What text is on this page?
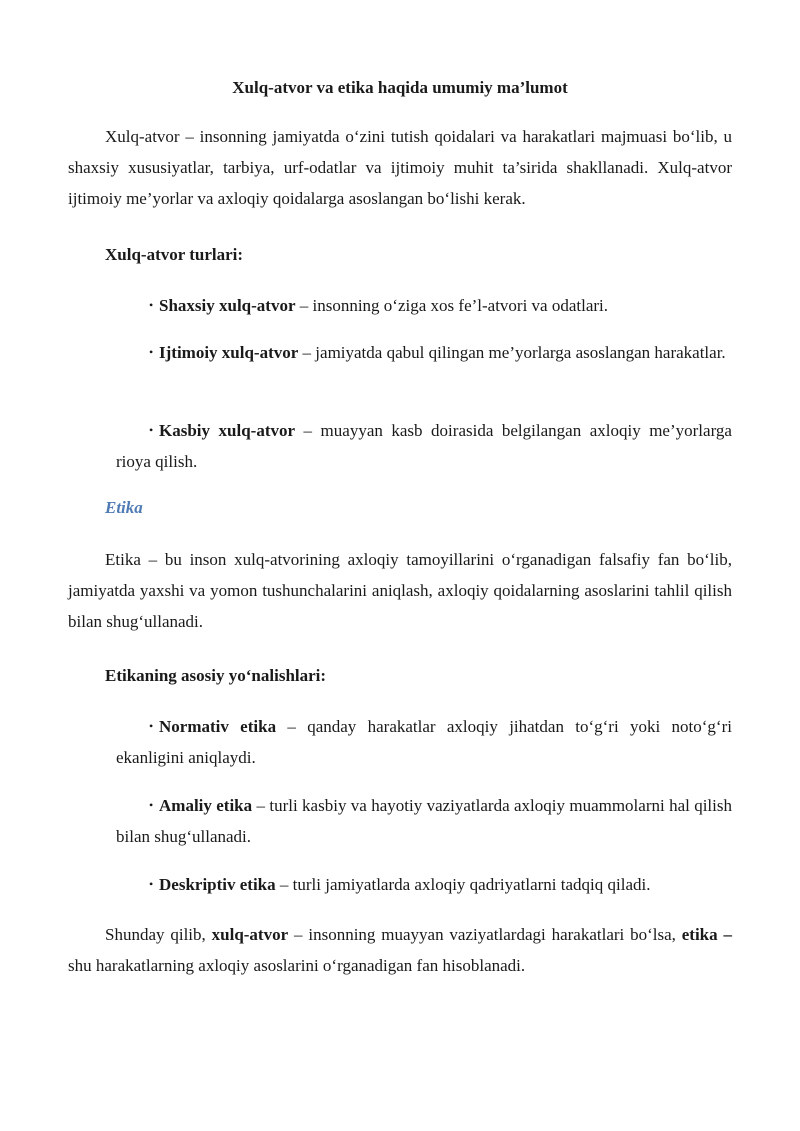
Xulq-atvor va etika haqida umumiy ma’lumot

Xulq-atvor – insonning jamiyatda o‘zini tutish qoidalari va harakatlari majmuasi bo‘lib, u shaxsiy xususiyatlar, tarbiya, urf-odatlar va ijtimoiy muhit ta’sirida shakllanadi. Xulq-atvor ijtimoiy me’yorlar va axloqiy qoidalarga asoslangan bo‘lishi kerak.

Xulq-atvor turlari:

• Shaxsiy xulq-atvor – insonning o‘ziga xos fe’l-atvori va odatlari.

• Ijtimoiy xulq-atvor – jamiyatda qabul qilingan me’yorlarga asoslangan harakatlar.

• Kasbiy xulq-atvor – muayyan kasb doirasida belgilangan axloqiy me’yorlarga rioya qilish.

Etika

Etika – bu inson xulq-atvorining axloqiy tamoyillarini o‘rganadigan falsafiy fan bo‘lib, jamiyatda yaxshi va yomon tushunchalarini aniqlash, axloqiy qoidalarning asoslarini tahlil qilish bilan shug‘ullanadi.

Etikaning asosiy yo‘nalishlari:

• Normativ etika – qanday harakatlar axloqiy jihatdan to‘g‘ri yoki noto‘g‘ri ekanligini aniqlaydi.

• Amaliy etika – turli kasbiy va hayotiy vaziyatlarda axloqiy muammolarni hal qilish bilan shug‘ullanadi.

• Deskriptiv etika – turli jamiyatlarda axloqiy qadriyatlarni tadqiq qiladi.

Shunday qilib, xulq-atvor – insonning muayyan vaziyatlardagi harakatlari bo‘lsa, etika – shu harakatlarning axloqiy asoslarini o‘rganadigan fan hisoblanadi.
